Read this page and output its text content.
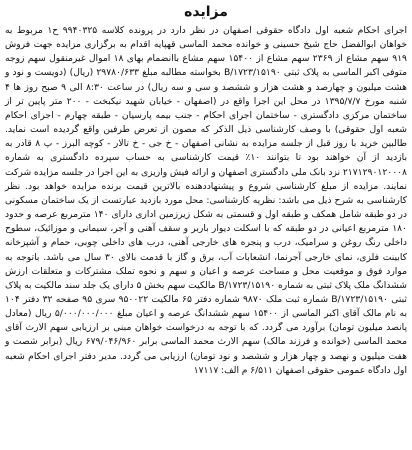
مزایده

اجرای احکام شعبه اول دادگاه حقوقی اصفهان در نظر دارد در پرونده کلاسه ۹۹۴۰۳۲۵ ح۱ مربوط به خواهان ابوالفضل حاج شیخ حسینی و خوانده محمد الماسی قهپایه اقدام به برگزاری مزایده جهت فروش ۹۱۹ سهم مشاع از ۲۳۶۹ سهم مشاع از ۱۵۴۰۰ سهم مشاع باانضمام بهای ۱۸ اموال غیرمنقول سهم زوجه متوفی اکبر الماسی به پلاک ثبتی ۱۵۱۹۰/B/۱۷۲۳ بخواسته مطالبه مبلغ ۲۹۷۸۰/۶۳۳ (ریال) (دویست و نود و هشت میلیون و چهارصد و هشت هزار و ششصد و سی و سه ریال) در ساعت ۸:۳۰ الی ۹ صبح روز ها ۴ شنبه مورخ ۱۳۹۵/۷/۷ در محل این اجرا واقع در (اصفهان - خیابان شهید نیکبخت - ۲۰۰ متر پایین تر از ساختمان مرکزی دادگستری - ساختمان اجرای احکام - جنب بیمه پارسیان - طبقه چهارم - اجرای احکام شعبه اول حقوقی) با وصف کارشناسی ذیل الذکر که مصون از تعرض طرفین واقع گردیده است نماید. طالبین خرید با روز قبل از جلسه مزایده به نشانی اصفهان - خ جی - خ تالار - کوچه البرز - پ ۸ قادر به بازدید از آن خواهند بود تا بتوانند ۱۰٪ قیمت کارشناسی به حساب سپرده دادگستری به شماره ۲۱۷۱۲۹۰۱۲۰۰۰۸ نزد بانک ملی دادگستری اصفهان و ارائه فیش واریزی به این اجرا در جلسه مزایده شرکت نمایند. مزایده از مبلغ کارشناسی شروع و پیشنهاددهنده بالاترین قیمت برنده مزایده خواهد بود. نظر کارشناسی به شرح ذیل می باشد: نظریه کارشناسی: محل مورد بازدید عبارتست از یک ساختمان مسکونی در دو طبقه شامل همکف و طبقه اول و قسمتی به شکل زیرزمین اداری دارای ۱۴۰ مترمربع عرصه و حدود ۱۸۰ مترمربع اعیانی در دو طبقه که با اسکلت دیوار باربر و سقف آهنی و آجر، سیمانی و موزائیک، سطوح داخلی رنگ روغن و سرامیک، درب و پنجره های خارجی آهنی، درب های داخلی چوبی، حمام و آشپزخانه کابینت فلزی، نمای خارجی آجرنما، انشعابات آب، برق و گاز با قدمت بالای ۳۰ سال می باشد. باتوجه به موارد فوق و موقعیت محل و مساحت عرصه و اعیان و سهم و نحوه تملک مشترکات و متعلقات ارزش ششدانگ ملک پلاک ثبتی به شماره ۱۵۱۹۰/B/۱۷۲۳ مالکیت سهم بخش ۵ دارای یک جلد سند مالکیت به پلاک ثبتی ۱۵۱۹۰/B/۱۷۲۳ شماره ثبت ملک ۹۸۷۰ شماره دفتر ۶۵ مالکیت ۹۵۰۰۲۲ سری ۹۵ صفحه ۳۲ دفتر ۱۰۴ به نام مالک آقای اکبر الماسی از ۱۵۴۰۰ سهم ششدانگ عرصه و اعیان مبلغ ۵/۰۰۰/۰۰۰/۰۰۰ ریال (معادل پانصد میلیون تومان) برآورد می گردد. که با توجه به درخواست خواهان مبنی بر ارزیابی سهم الارث آقای محمد الماسی (خوانده و فرزند مالک) سهم الارث محمد الماسی برابر ۶۷۹/۰۴۶/۹۶۰ ریال (برابر شصت و هفت میلیون و نهصد و چهار هزار و ششصد و نود تومان) ارزیابی می گردد. مدیر دفتر اجرای احکام شعبه اول دادگاه عمومی حقوقی اصفهان ۶/۵۱۱ م الف: ۱۷۱۱۷
